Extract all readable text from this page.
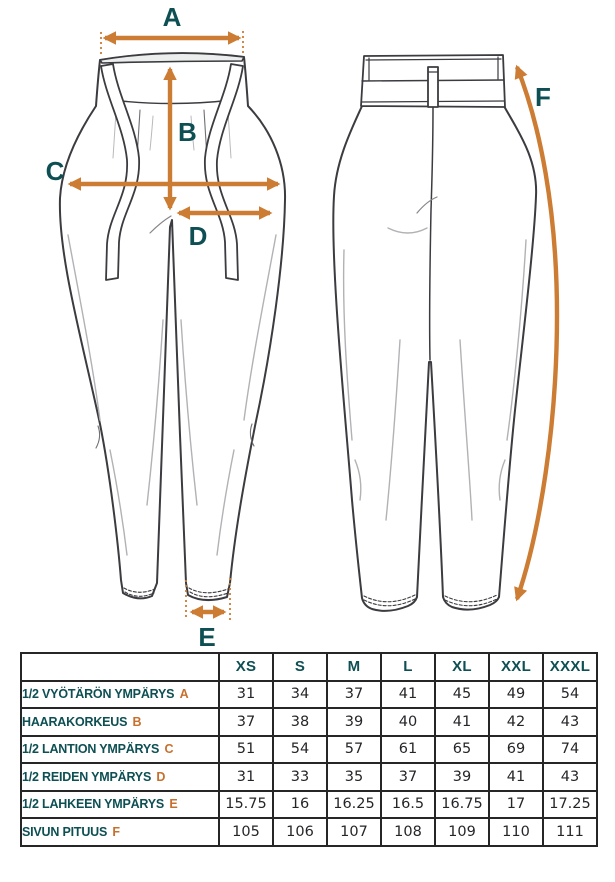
A
B
C
D
E
F
	XS	S	M	L	XL	XXL	XXXL
1/2 VYÖTÄRÖN YMPÄRYS A	31	34	37	41	45	49	54
HAARAKORKEUS B	37	38	39	40	41	42	43
1/2 LANTION YMPÄRYS C	51	54	57	61	65	69	74
1/2 REIDEN YMPÄRYS D	31	33	35	37	39	41	43
1/2 LAHKEEN YMPÄRYS E	15.75	16	16.25	16.5	16.75	17	17.25
SIVUN PITUUS F	105	106	107	108	109	110	111
